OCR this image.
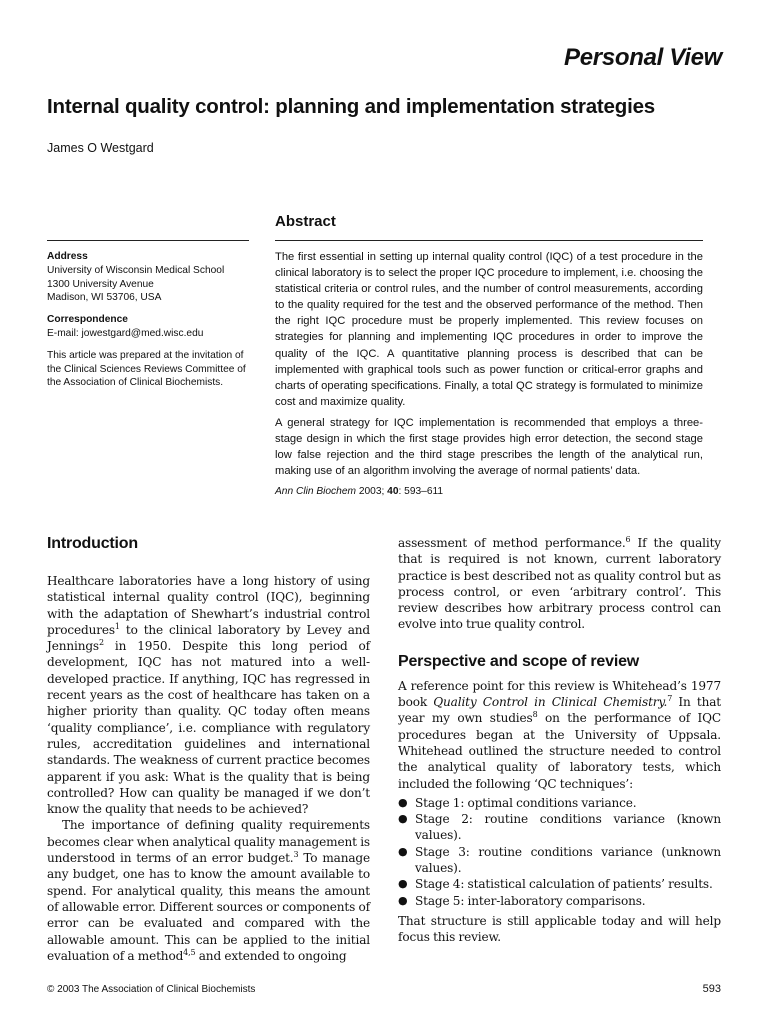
Personal View
Internal quality control: planning and implementation strategies
James O Westgard
Address
University of Wisconsin Medical School
1300 University Avenue
Madison, WI 53706, USA
Correspondence
E-mail: jowestgard@med.wisc.edu
This article was prepared at the invitation of
the Clinical Sciences Reviews Committee of
the Association of Clinical Biochemists.
Abstract

The first essential in setting up internal quality control (IQC) of a test procedure in the clinical laboratory is to select the proper IQC procedure to implement, i.e. choosing the statistical criteria or control rules, and the number of control measurements, according to the quality required for the test and the observed performance of the method. Then the right IQC procedure must be properly implemented. This review focuses on strategies for planning and implementing IQC procedures in order to improve the quality of the IQC. A quantitative planning process is described that can be implemented with graphical tools such as power function or critical-error graphs and charts of operating specifications. Finally, a total QC strategy is formulated to minimize cost and maximize quality.

A general strategy for IQC implementation is recommended that employs a three-stage design in which the first stage provides high error detection, the second stage low false rejection and the third stage prescribes the length of the analytical run, making use of an algorithm involving the average of normal patients’ data.

Ann Clin Biochem 2003; 40: 593–611
Introduction

Healthcare laboratories have a long history of using statistical internal quality control (IQC), beginning with the adaptation of Shewhart’s industrial control procedures$^1$ to the clinical laboratory by Levey and Jennings$^2$ in 1950. Despite this long period of development, IQC has not matured into a well-developed practice. If anything, IQC has regressed in recent years as the cost of healthcare has taken on a higher priority than quality. QC today often means ‘quality compliance’, i.e. compliance with regulatory rules, accreditation guidelines and international standards. The weakness of current practice becomes apparent if you ask: What is the quality that is being controlled? How can quality be managed if we don’t know the quality that needs to be achieved?

The importance of defining quality requirements becomes clear when analytical quality management is understood in terms of an error budget.$^3$ To manage any budget, one has to know the amount available to spend. For analytical quality, this means the amount of allowable error. Different sources or components of error can be evaluated and compared with the allowable amount. This can be applied to the initial evaluation of a method$^{4,5}$ and extended to ongoing

assessment of method performance.$^6$ If the quality that is required is not known, current laboratory practice is best described not as quality control but as process control, or even ‘arbitrary control’. This review describes how arbitrary process control can evolve into true quality control.

Perspective and scope of review

A reference point for this review is Whitehead’s 1977 book Quality Control in Clinical Chemistry.$^7$ In that year my own studies$^8$ on the performance of IQC procedures began at the University of Uppsala. Whitehead outlined the structure needed to control the analytical quality of laboratory tests, which included the following ‘QC techniques’:

● Stage 1: optimal conditions variance.
● Stage 2: routine conditions variance (known values).
● Stage 3: routine conditions variance (unknown values).
● Stage 4: statistical calculation of patients’ results.
● Stage 5: inter-laboratory comparisons.

That structure is still applicable today and will help focus this review.

© 2003 The Association of Clinical Biochemists	593
